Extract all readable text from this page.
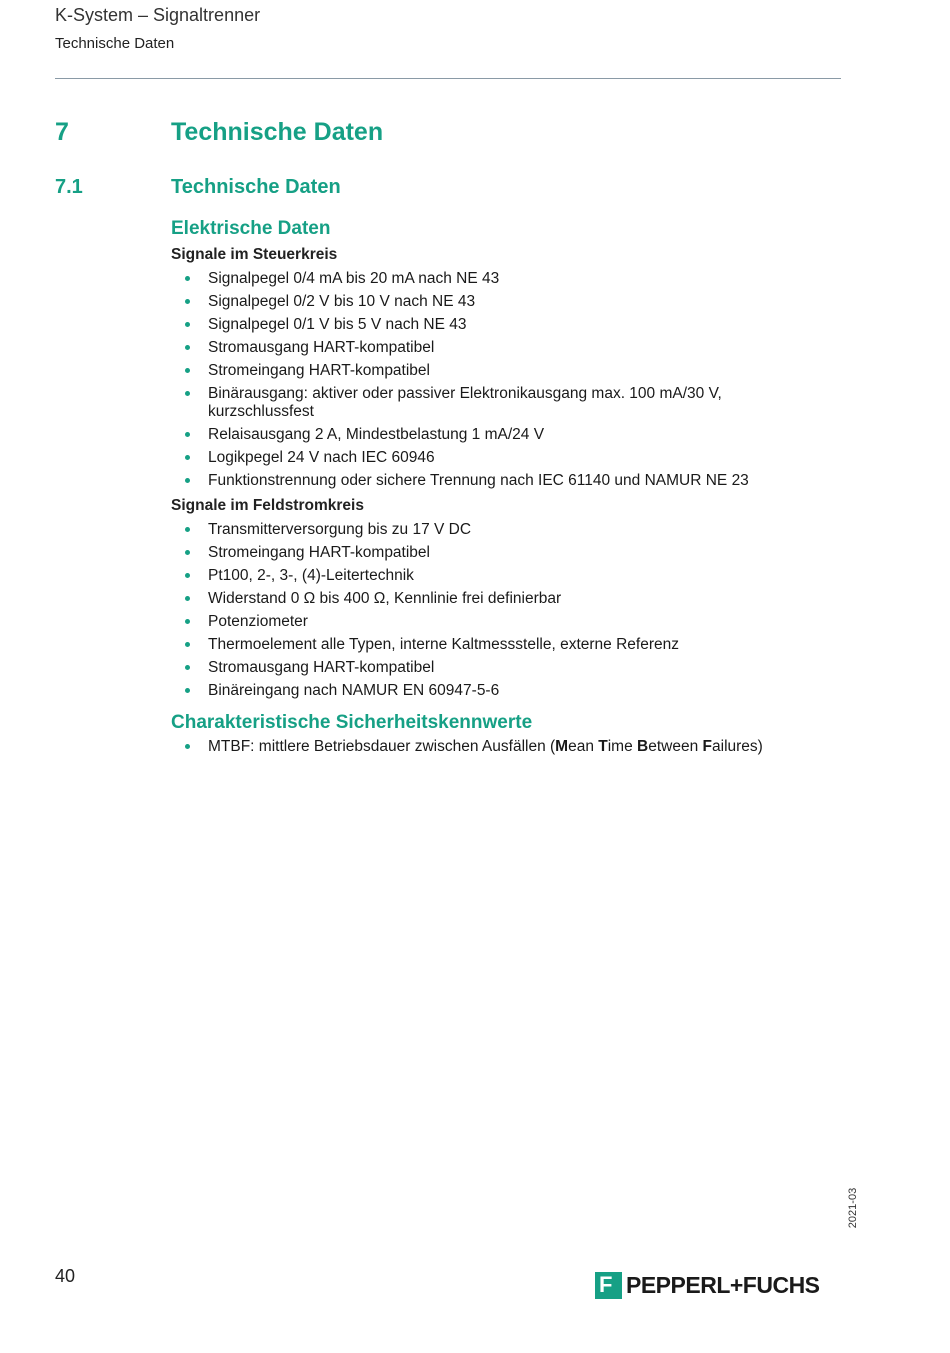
K-System – Signaltrenner
Technische Daten
7	Technische Daten
7.1	Technische Daten
Elektrische Daten
Signale im Steuerkreis
Signalpegel 0/4 mA bis 20 mA nach NE 43
Signalpegel 0/2 V bis 10 V nach NE 43
Signalpegel 0/1 V bis 5 V nach NE 43
Stromausgang HART-kompatibel
Stromeingang HART-kompatibel
Binärausgang: aktiver oder passiver Elektronikausgang max. 100 mA/30 V, kurzschlussfest
Relaisausgang 2 A, Mindestbelastung 1 mA/24 V
Logikpegel 24 V nach IEC 60946
Funktionstrennung oder sichere Trennung nach IEC 61140 und NAMUR NE 23
Signale im Feldstromkreis
Transmitterversorgung bis zu 17 V DC
Stromeingang HART-kompatibel
Pt100, 2-, 3-, (4)-Leitertechnik
Widerstand 0 Ω bis 400 Ω, Kennlinie frei definierbar
Potenziometer
Thermoelement alle Typen, interne Kaltmessstelle, externe Referenz
Stromausgang HART-kompatibel
Binäreingang nach NAMUR EN 60947-5-6
Charakteristische Sicherheitskennwerte
MTBF: mittlere Betriebsdauer zwischen Ausfällen (Mean Time Between Failures)
40
2021-03
F PEPPERL+FUCHS
